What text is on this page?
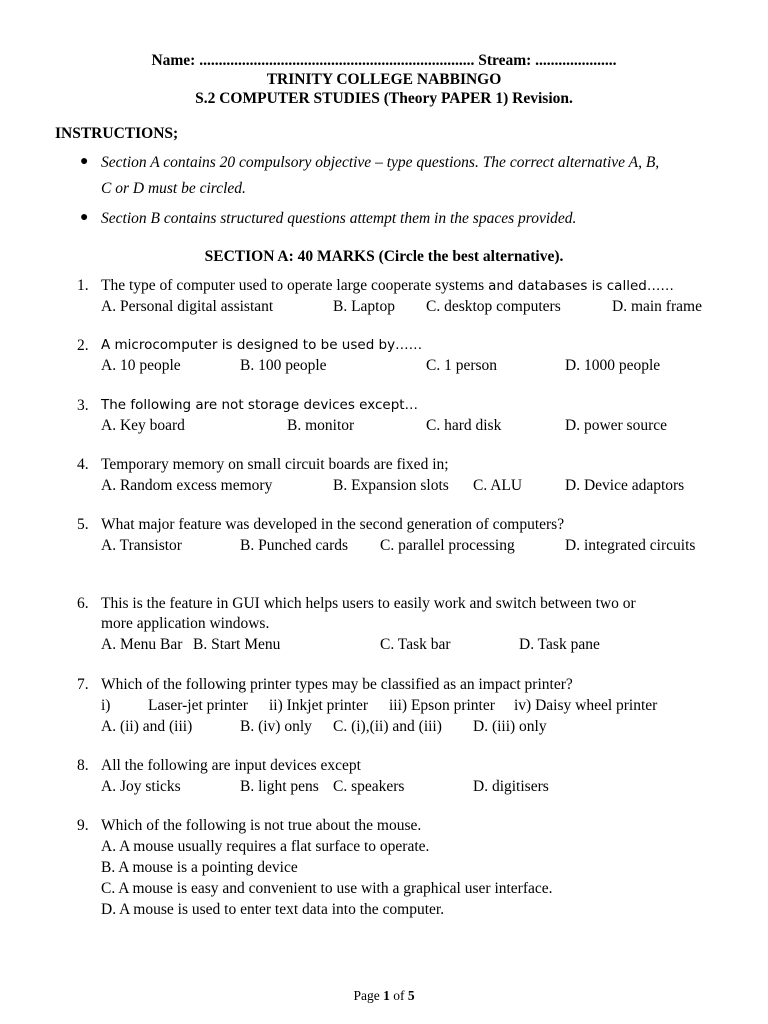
Name: ....................................................................... Stream: .....................
TRINITY COLLEGE NABBINGO
S.2 COMPUTER STUDIES (Theory PAPER 1) Revision.
INSTRUCTIONS;
● Section A contains 20 compulsory objective – type questions. The correct alternative A, B,
C or D must be circled.
● Section B contains structured questions attempt them in the spaces provided.
SECTION A: 40 MARKS (Circle the best alternative).
1. The type of computer used to operate large cooperate systems and databases is called……
A. Personal digital assistant	B. Laptop C. desktop computers	D. main frame
2. A microcomputer is designed to be used by……
A. 10 people	B. 100 people	C. 1 person	D. 1000 people
3. The following are not storage devices except…
A. Key board	B. monitor	C. hard disk	D. power source
4. Temporary memory on small circuit boards are fixed in;
A. Random excess memory	B. Expansion slots C. ALU	D. Device adaptors
5. What major feature was developed in the second generation of computers?
A. Transistor	B. Punched cards C. parallel processing	D. integrated circuits
6. This is the feature in GUI which helps users to easily work and switch between two or
more application windows.
A. Menu Bar B. Start Menu	C. Task bar	D. Task pane
7. Which of the following printer types may be classified as an impact printer?
i) Laser-jet printer ii) Inkjet printer iii) Epson printer iv) Daisy wheel printer
A. (ii) and (iii)	B. (iv) only C. (i),(ii) and (iii) D. (iii) only
8. All the following are input devices except
A. Joy sticks	B. light pens C. speakers	D. digitisers
9. Which of the following is not true about the mouse.
A. A mouse usually requires a flat surface to operate.
B. A mouse is a pointing device
C. A mouse is easy and convenient to use with a graphical user interface.
D. A mouse is used to enter text data into the computer.
Page 1 of 5
